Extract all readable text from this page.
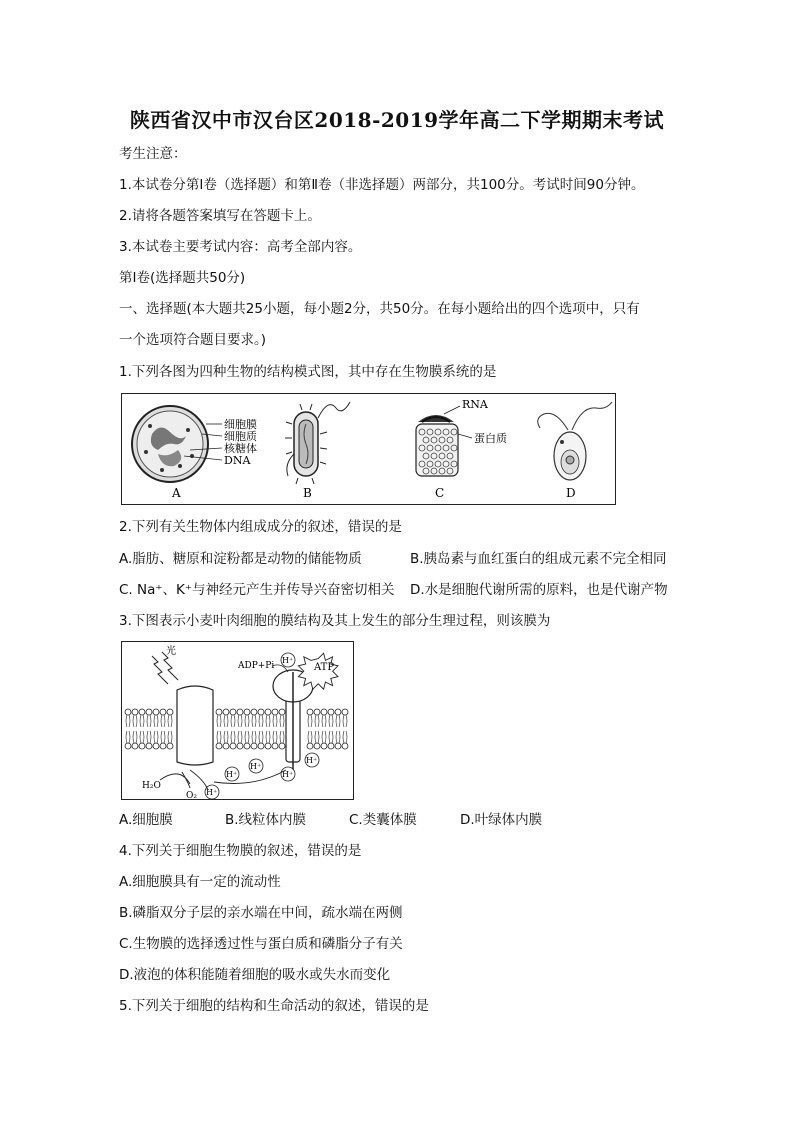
陕西省汉中市汉台区2018-2019学年高二下学期期末考试
考生注意：
1.本试卷分第Ⅰ卷（选择题）和第Ⅱ卷（非选择题）两部分，共100分。考试时间90分钟。
2.请将各题答案填写在答题卡上。
3.本试卷主要考试内容：高考全部内容。
第Ⅰ卷(选择题共50分)
一、选择题(本大题共25小题，每小题2分，共50分。在每小题给出的四个选项中，只有
一个选项符合题目要求。)
1.下列各图为四种生物的结构模式图，其中存在生物膜系统的是
细胞膜
细胞质
核糖体
DNA
A	B
RNA
蛋白质
C	D
2.下列有关生物体内组成成分的叙述，错误的是
A.脂肪、糖原和淀粉都是动物的储能物质	B.胰岛素与血红蛋白的组成元素不完全相同
C. Na⁺、K⁺与神经元产生并传导兴奋密切相关 D.水是细胞代谢所需的原料，也是代谢产物
3.下图表示小麦叶肉细胞的膜结构及其上发生的部分生理过程，则该膜为
光
ATP
ADP+Pi
H⁺
H⁺
H⁺
H⁺
H⁺
H⁺
H₂O
O₂
A.细胞膜	B.线粒体内膜	C.类囊体膜	D.叶绿体内膜
4.下列关于细胞生物膜的叙述，错误的是
A.细胞膜具有一定的流动性
B.磷脂双分子层的亲水端在中间，疏水端在两侧
C.生物膜的选择透过性与蛋白质和磷脂分子有关
D.液泡的体积能随着细胞的吸水或失水而变化
5.下列关于细胞的结构和生命活动的叙述，错误的是
